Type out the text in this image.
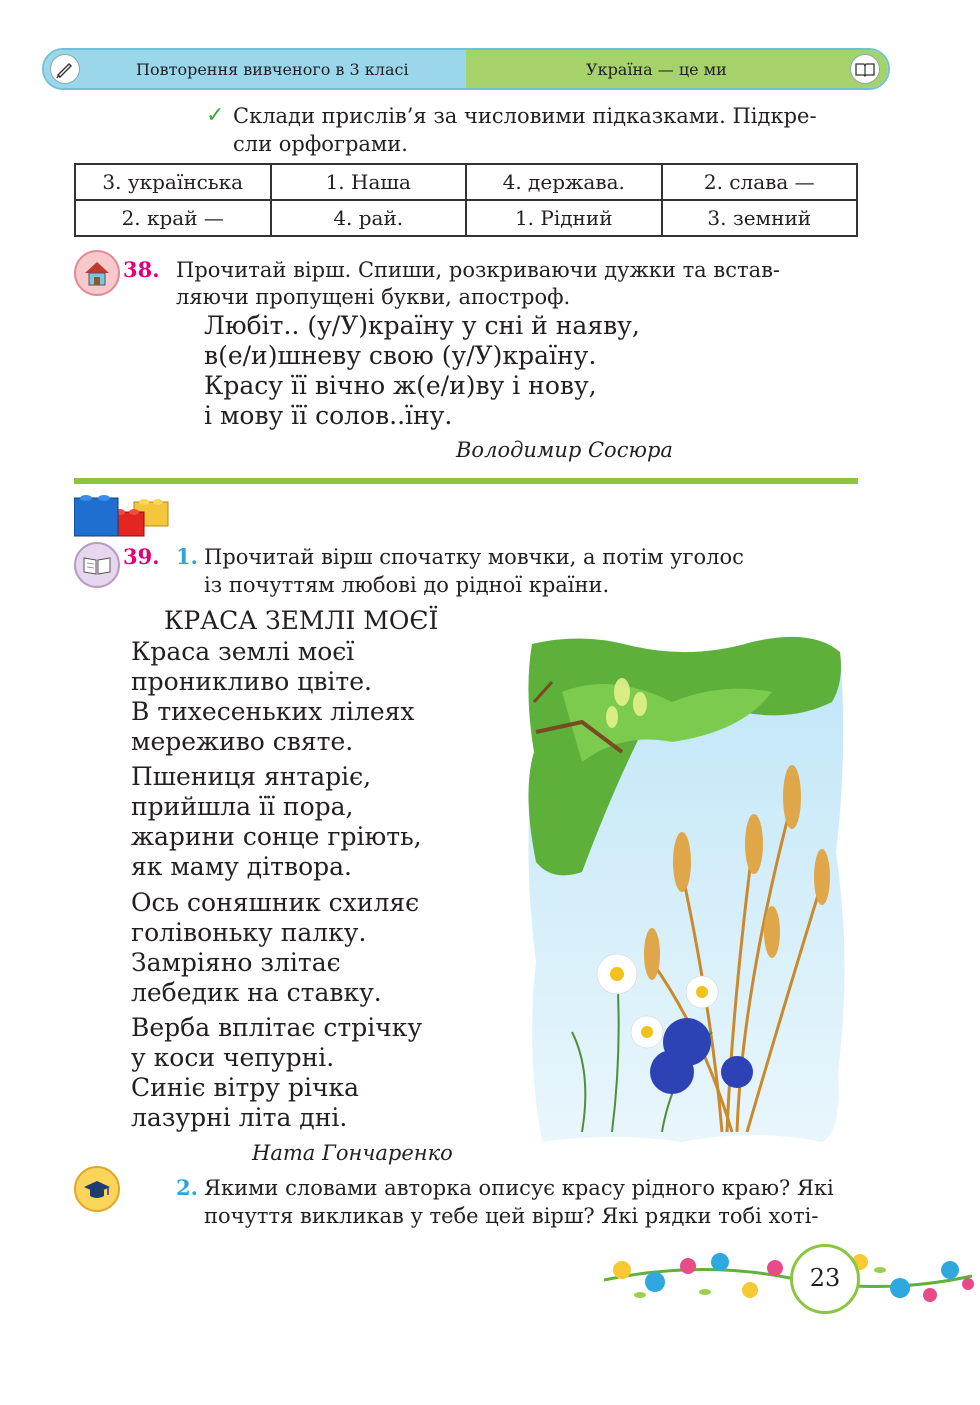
Повторення вивченого в 3 класі	Україна — це ми
✓ Склади прислів’я за числовими підказками. Підкре-
сли орфограми.
3. українська	1. Наша	4. держава.	2. слава —
2. край —	4. рай.	1. Рідний	3. земний
38. Прочитай вірш. Спиши, розкриваючи дужки та встав-
ляючи пропущені букви, апостроф.
Любіт.. (у/У)країну у сні й наяву,
в(е/и)шневу свою (у/У)країну.
Красу її вічно ж(е/и)ву і нову,
і мову її солов..їну.
Володимир Сосюра
39. 1. Прочитай вірш спочатку мовчки, а потім уголос
із почуттям любові до рідної країни.
КРАСА ЗЕМЛІ МОЄЇ
Краса землі моєї
проникливо цвіте.
В тихесеньких лілеях
мереживо святе.
Пшениця янтаріє,
прийшла її пора,
жарини сонце гріють,
як маму дітвора.
Ось соняшник схиляє
голівоньку палку.
Замріяно злітає
лебедик на ставку.
Верба вплітає стрічку
у коси чепурні.
Синіє вітру річка
лазурні літа дні.
Ната Гончаренко
2. Якими словами авторка описує красу рідного краю? Які
почуття викликав у тебе цей вірш? Які рядки тобі хоті-
23
